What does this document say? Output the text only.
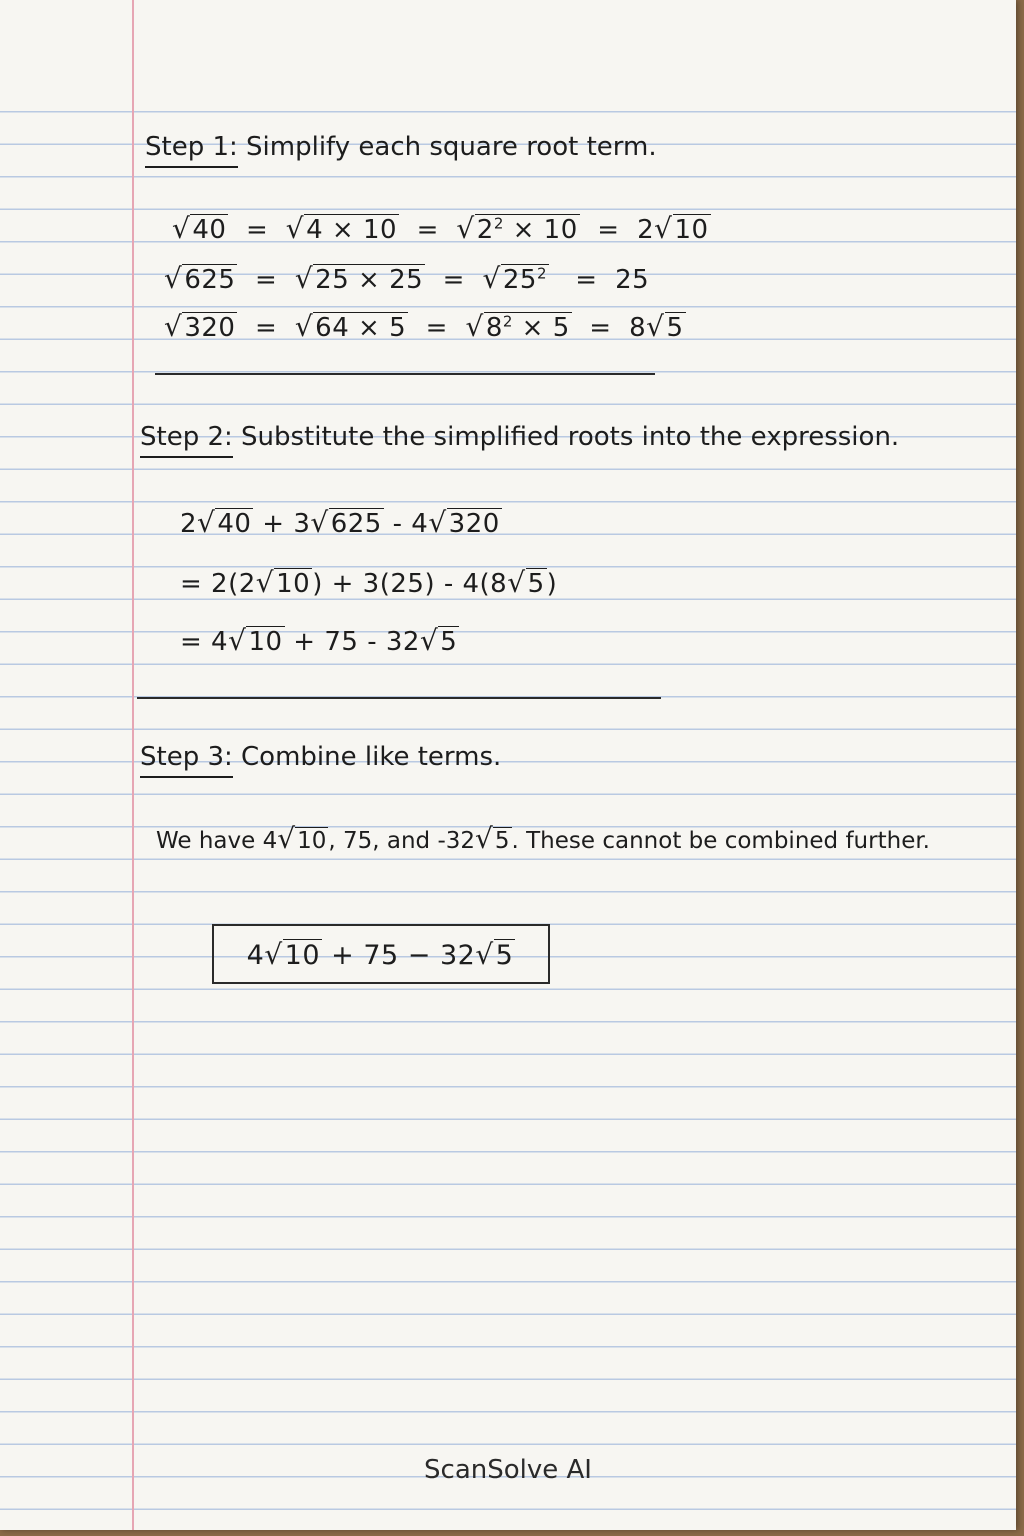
Step 1: Simplify each square root term.
$√40 = √4 \times 10 = √2^2 \times 10 = 2√10$
$√625 = √25 \times 25 = √25^2 = 25$
$√320 = √64 \times 5 = √8^2 \times 5 = 8√5$
Step 2: Substitute the simplified roots into the expression.
2√40 + 3√625 - 4√320
= 2(2√10) + 3(25) - 4(8√5)
= 4√10 + 75 - 32√5
Step 3: Combine like terms.
We have 4√10, 75, and -32√5. These cannot be combined further.
4√10 + 75 − 32√5
ScanSolve AI
